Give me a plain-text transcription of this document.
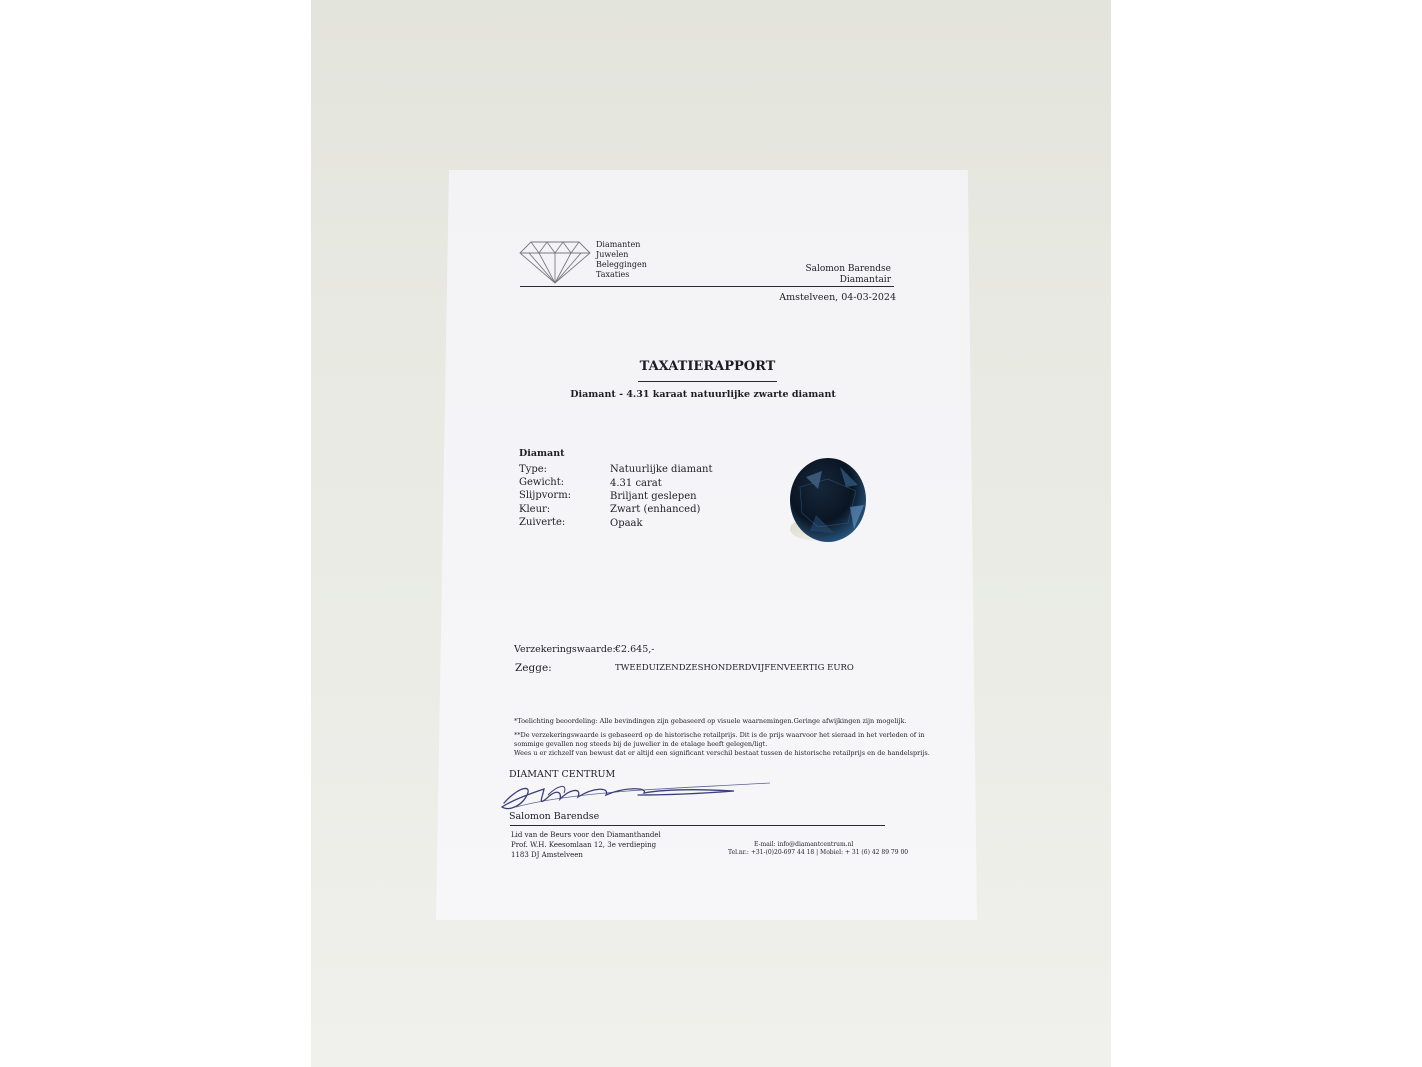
Diamanten
Juwelen
Beleggingen
Taxaties
Salomon Barendse
Diamantair
Amstelveen, 04-03-2024
TAXATIERAPPORT
Diamant - 4.31 karaat natuurlijke zwarte diamant
Diamant
Type:	Natuurlijke diamant
Gewicht:	4.31 carat
Slijpvorm:	Briljant geslepen
Kleur:	Zwart (enhanced)
Zuiverte:	Opaak
Verzekeringswaarde: €2.645,-
Zegge:	TWEEDUIZENDZESHONDERDVIJFENVEERTIG EURO
*Toelichting beoordeling: Alle bevindingen zijn gebaseerd op visuele waarnemingen.Geringe afwijkingen zijn mogelijk.
**De verzekeringswaarde is gebaseerd op de historische retailprijs. Dit is de prijs waarvoor het sieraad in het verleden of in
sommige gevallen nog steeds bij de juwelier in de etalage heeft gelegen/ligt.
Wees u er zichzelf van bewust dat er altijd een significant verschil bestaat tussen de historische retailprijs en de handelsprijs.
DIAMANT CENTRUM
Salomon Barendse
Lid van de Beurs voor den Diamanthandel
Prof. W.H. Keesomlaan 12, 3e verdieping
1183 DJ Amstelveen
E-mail: info@diamantcentrum.nl
Tel.nr.: +31-(0)20-697 44 18 | Mobiel: + 31 (6) 42 89 79 00
